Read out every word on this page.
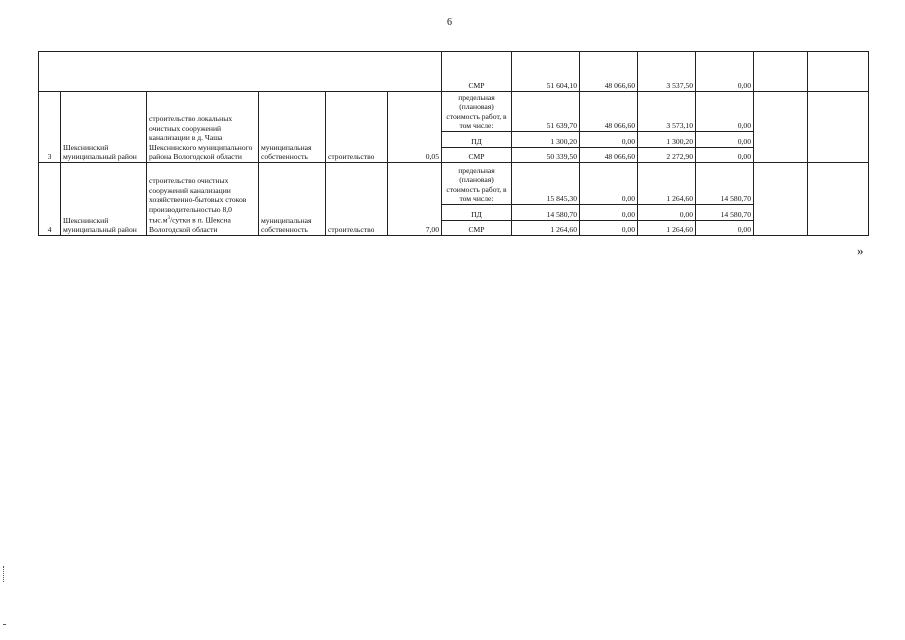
6
						СМР	51 604,10	48 066,60	3 537,50	0,00		
3	Шекснинский муниципальный район	строительство локальных очистных сооружений канализации в д. Чаша Шекснинского муниципального района Вологодской области	муниципальная собственность	строительство	0,05	предельная (плановая) стоимость работ, в том числе:	51 639,70	48 066,60	3 573,10	0,00		
						ПД	1 300,20	0,00	1 300,20	0,00		
						СМР	50 339,50	48 066,60	2 272,90	0,00		
4	Шекснинский муниципальный район	строительство очистных сооружений канализации хозяйственно-бытовых стоков производительностью 8,0 $тыс.м^3$/сутки в п. Шексна Вологодской области	муниципальная собственность	строительство	7,00	предельная (плановая) стоимость работ, в том числе:	15 845,30	0,00	1 264,60	14 580,70		
						ПД	14 580,70	0,00	0,00	14 580,70		
						СМР	1 264,60	0,00	1 264,60	0,00		
»
